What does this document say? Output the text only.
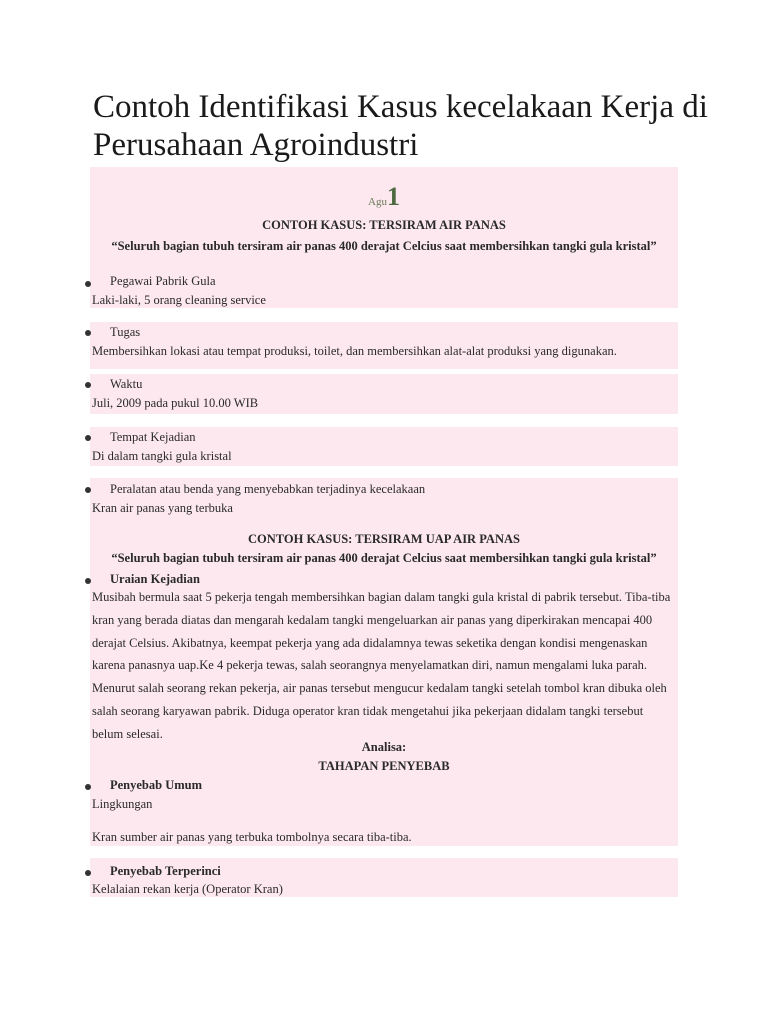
Contoh Identifikasi Kasus kecelakaan Kerja di Perusahaan Agroindustri
Agu1
CONTOH KASUS: TERSIRAM AIR PANAS
“Seluruh bagian tubuh tersiram air panas 400 derajat Celcius saat membersihkan tangki gula kristal”
Pegawai Pabrik Gula
Laki-laki, 5 orang cleaning service
Tugas
Membersihkan lokasi atau tempat produksi, toilet, dan membersihkan alat-alat produksi yang digunakan.
Waktu
Juli, 2009 pada pukul 10.00 WIB
Tempat Kejadian
Di dalam tangki gula kristal
Peralatan atau benda yang menyebabkan terjadinya kecelakaan
Kran air panas yang terbuka
CONTOH KASUS: TERSIRAM UAP AIR PANAS
“Seluruh bagian tubuh tersiram air panas 400 derajat Celcius saat membersihkan tangki gula kristal”
Uraian Kejadian
Musibah bermula saat 5 pekerja tengah membersihkan bagian dalam tangki gula kristal di pabrik tersebut. Tiba-tiba kran yang berada diatas dan mengarah kedalam tangki mengeluarkan air panas yang diperkirakan mencapai 400 derajat Celsius. Akibatnya, keempat pekerja yang ada didalamnya tewas seketika dengan kondisi mengenaskan karena panasnya uap.Ke 4 pekerja tewas, salah seorangnya menyelamatkan diri, namun mengalami luka parah. Menurut salah seorang rekan pekerja, air panas tersebut mengucur kedalam tangki setelah tombol kran dibuka oleh salah seorang karyawan pabrik. Diduga operator kran tidak mengetahui jika pekerjaan didalam tangki tersebut belum selesai.
Analisa:
TAHAPAN PENYEBAB
Penyebab Umum
Lingkungan
Kran sumber air panas yang terbuka tombolnya secara tiba-tiba.
Penyebab Terperinci
Kelalaian rekan kerja (Operator Kran)
